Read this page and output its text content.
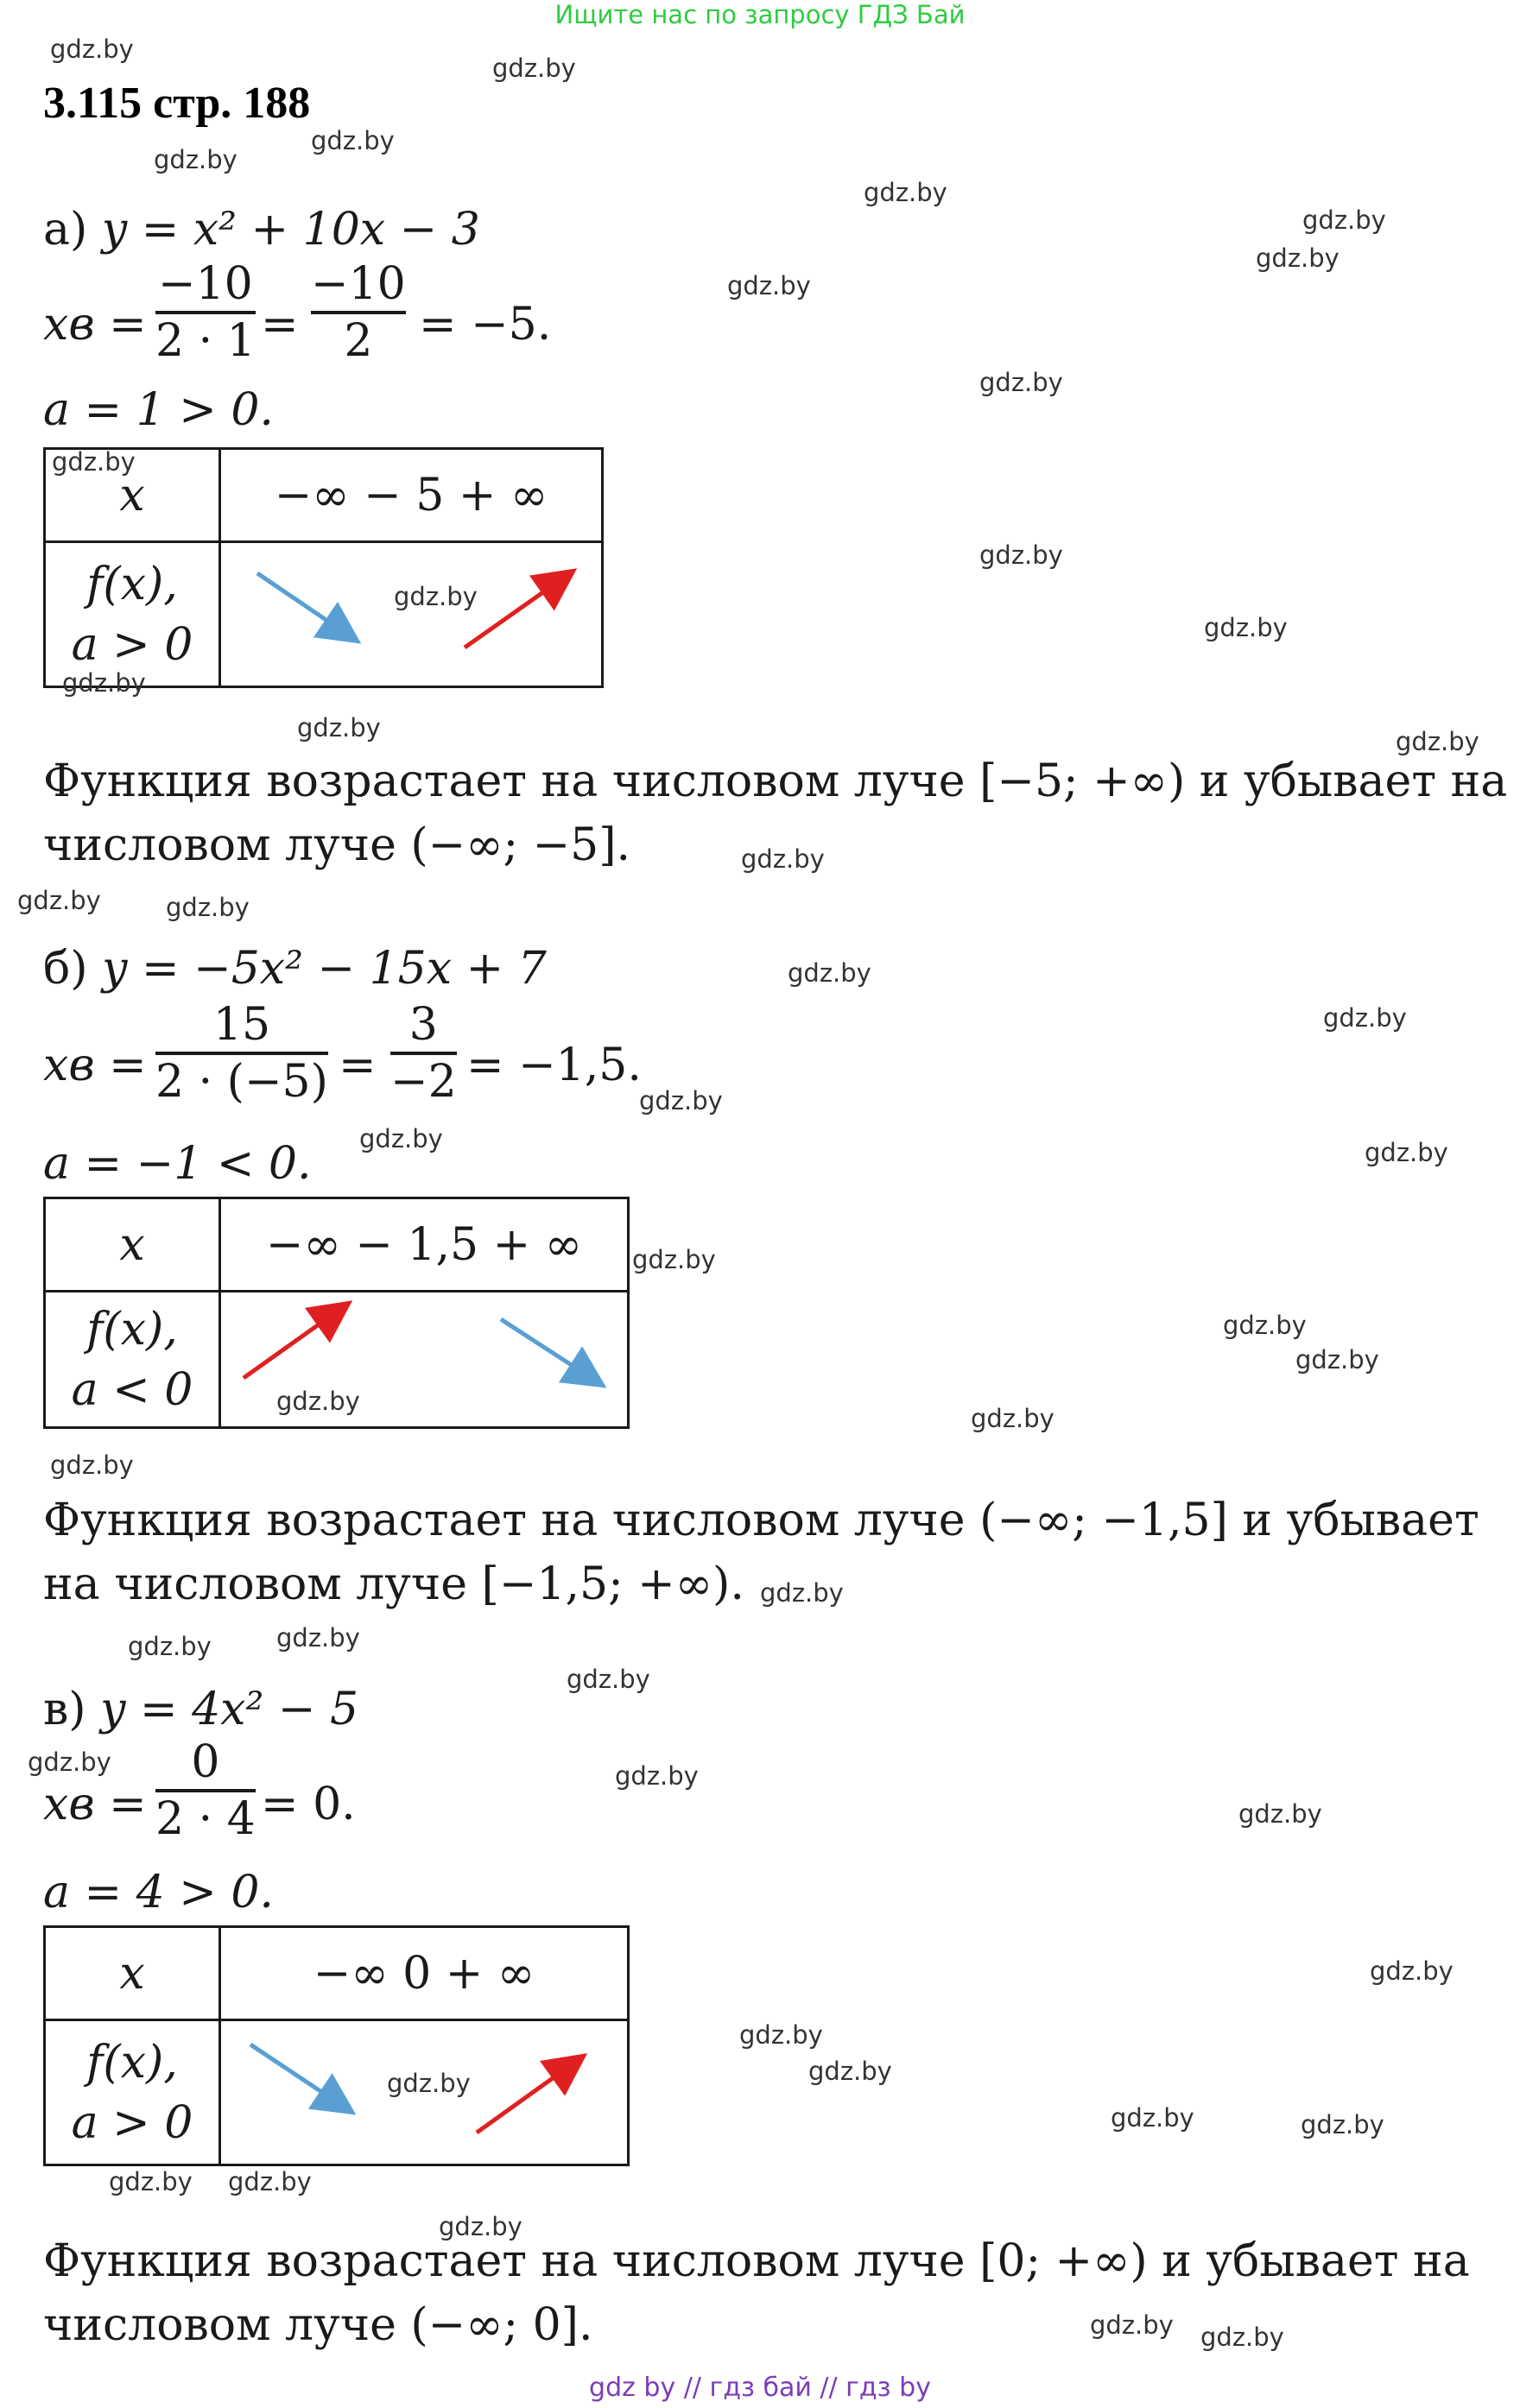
Ищите нас по запросу ГДЗ Бай
3.115 стр. 188
а) y = x² + 10x − 3
xв =
−10
2 · 1 =
−10
2 = −5.
a = 1 > 0.
x	−∞ − 5 + ∞

f(x),
a > 0	

Функция возрастает на числовом луче [−5; +∞) и убывает на числовом луче (−∞; −5].
б) y = −5x² − 15x + 7
xв =
15
2 · (−5) =
3
−2 = −1,5.
a = −1 < 0.
x	−∞ − 1,5 + ∞

f(x),
a < 0	

Функция возрастает на числовом луче (−∞; −1,5] и убывает на числовом луче [−1,5; +∞).
в) y = 4x² − 5
xв =
0
2 · 4 = 0.
a = 4 > 0.
x	−∞ 0 + ∞

f(x),
a > 0	

Функция возрастает на числовом луче [0; +∞) и убывает на числовом луче (−∞; 0].
gdz.by
gdz.by
gdz.by
gdz.by
gdz.by
gdz.by
gdz.by
gdz.by
gdz.by
gdz.by
gdz.by
gdz.by
gdz.by
gdz.by
gdz.by	gdz.by
gdz.by
gdz.by	gdz.by
gdz.by
gdz.by
gdz.by
gdz.by	gdz.by
gdz.by
gdz.by
gdz.by
gdz.by
gdz.by
gdz.by
gdz.by
gdz.by	gdz.by
gdz.by
gdz.by	gdz.by
gdz.by
gdz.by
gdz.by
gdz.by
gdz.by
gdz.by	gdz.by
gdz.by gdz.by
gdz.by
gdz.by gdz.by
gdz by // гдз бай // гдз by
